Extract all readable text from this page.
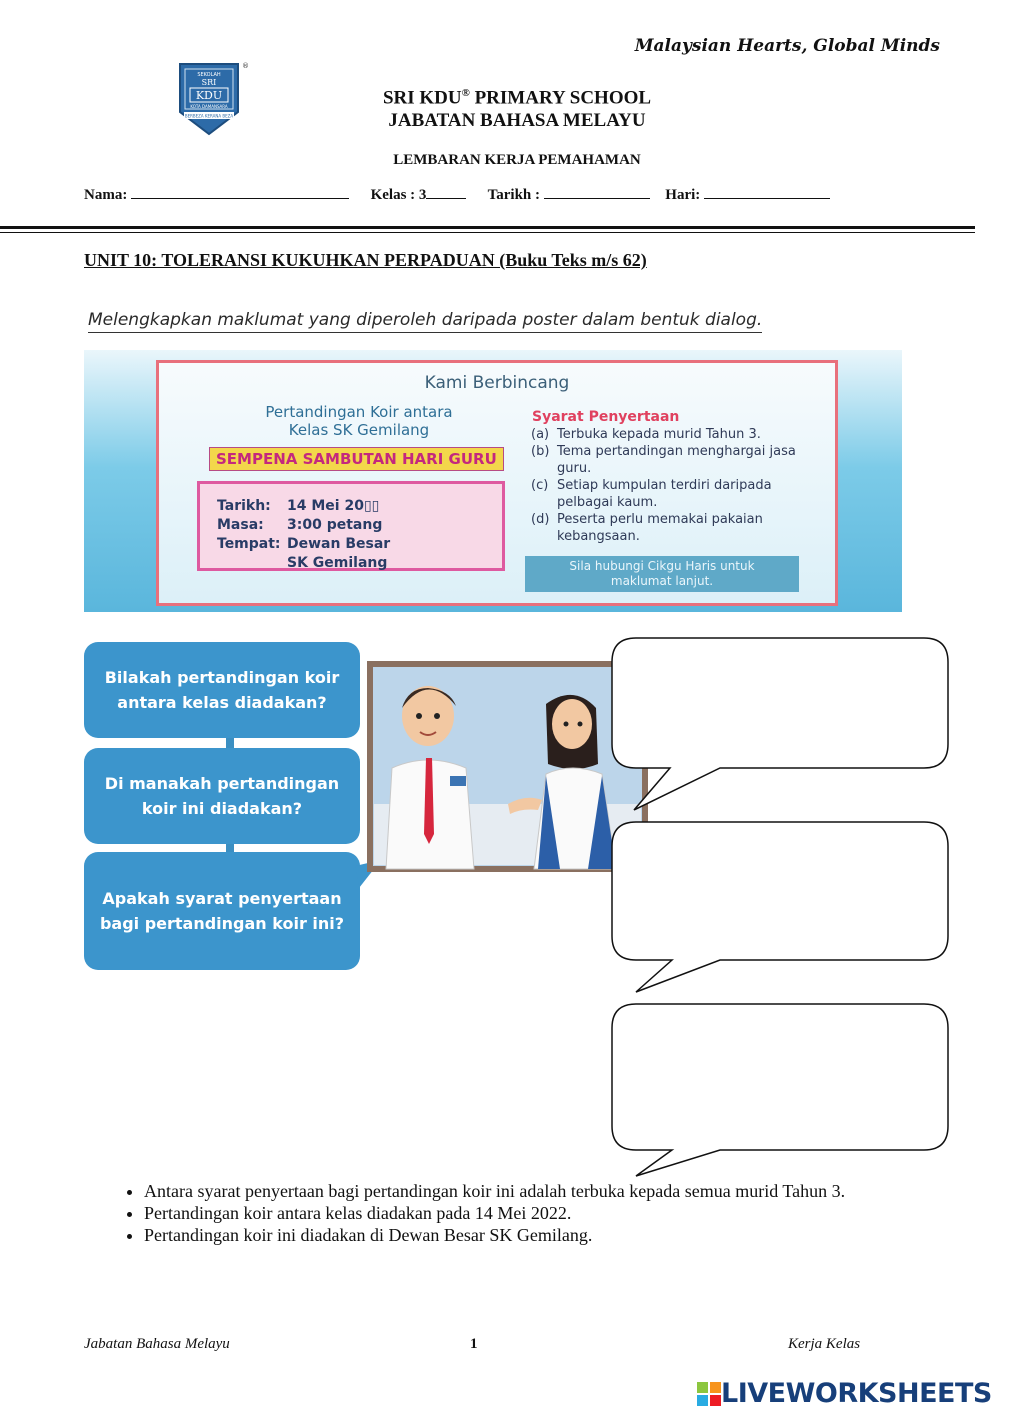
Malaysian Hearts, Global Minds
SEKOLAH
SRI
KDU
KOTA DAMANSARA
BERBEZA KERANA BEZA
®
SRI KDU® PRIMARY SCHOOL
JABATAN BAHASA MELAYU
LEMBARAN KERJA PEMAHAMAN
Nama:	Kelas : 3	Tarikh :	Hari:
UNIT 10: TOLERANSI KUKUHKAN PERPADUAN (Buku Teks m/s 62)
Melengkapkan maklumat yang diperoleh daripada poster dalam bentuk dialog.
Kami Berbincang
Pertandingan Koir antara
Kelas SK Gemilang
SEMPENA SAMBUTAN HARI GURU
Tarikh: 14 Mei 20▯▯
Masa: 3:00 petang
Tempat: Dewan Besar
SK Gemilang
Syarat Penyertaan
(a) Terbuka kepada murid Tahun 3.
(b) Tema pertandingan menghargai jasa guru.
(c) Setiap kumpulan terdiri daripada pelbagai kaum.
(d) Peserta perlu memakai pakaian kebangsaan.
Sila hubungi Cikgu Haris untuk
maklumat lanjut.
Bilakah pertandingan koir antara kelas diadakan?
Di manakah pertandingan koir ini diadakan?
Apakah syarat penyertaan bagi pertandingan koir ini?
• Antara syarat penyertaan bagi pertandingan koir ini adalah terbuka kepada semua murid Tahun 3.
• Pertandingan koir antara kelas diadakan pada 14 Mei 2022.
• Pertandingan koir ini diadakan di Dewan Besar SK Gemilang.
Jabatan Bahasa Melayu	1	Kerja Kelas
LIVEWORKSHEETS
